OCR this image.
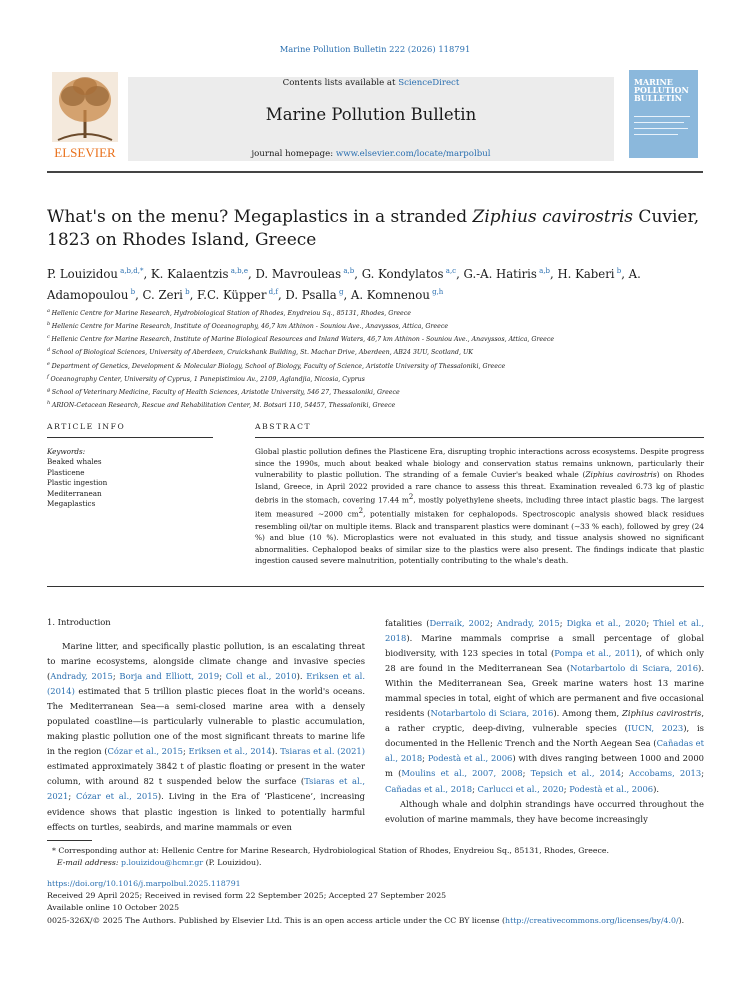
Marine Pollution Bulletin 222 (2026) 118791
Contents lists available at ScienceDirect
Marine Pollution Bulletin
journal homepage: www.elsevier.com/locate/marpolbul
ELSEVIER
MARINE POLLUTION BULLETIN
What's on the menu? Megaplastics in a stranded Ziphius cavirostris Cuvier, 1823 on Rhodes Island, Greece
P. Louizidou $^{a,b,d,*}$, K. Kalaentzis $^{a,b,e}$, D. Mavrouleas $^{a,b}$, G. Kondylatos $^{a,c}$, G.-A. Hatiris $^{a,b}$, H. Kaberi $^b$, A. Adamopoulou $^b$, C. Zeri $^b$, F.C. Küpper $^{d,f}$, D. Psalla $^g$, A. Komnenou $^{g,h}$
$^a$ Hellenic Centre for Marine Research, Hydrobiological Station of Rhodes, Enydreiou Sq., 85131, Rhodes, Greece
$^b$ Hellenic Centre for Marine Research, Institute of Oceanography, 46,7 km Athinon - Souniou Ave., Anavyssos, Attica, Greece
$^c$ Hellenic Centre for Marine Research, Institute of Marine Biological Resources and Inland Waters, 46,7 km Athinon - Souniou Ave., Anavyssos, Attica, Greece
$^d$ School of Biological Sciences, University of Aberdeen, Cruickshank Building, St. Machar Drive, Aberdeen, AB24 3UU, Scotland, UK
$^e$ Department of Genetics, Development & Molecular Biology, School of Biology, Faculty of Science, Aristotle University of Thessaloniki, Greece
$^f$ Oceanography Center, University of Cyprus, 1 Panepistimiou Av., 2109, Aglandjia, Nicosia, Cyprus
$^g$ School of Veterinary Medicine, Faculty of Health Sciences, Aristotle University, 546 27, Thessaloniki, Greece
$^h$ ARION-Cetacean Research, Rescue and Rehabilitation Center, M. Botsari 110, 54457, Thessaloniki, Greece
ARTICLE INFO	ABSTRACT
Keywords:
Beaked whales
Plasticene
Plastic ingestion
Mediterranean
Megaplastics
Global plastic pollution defines the Plasticene Era, disrupting trophic interactions across ecosystems. Despite progress since the 1990s, much about beaked whale biology and conservation status remains unknown, particularly their vulnerability to plastic pollution. The stranding of a female Cuvier's beaked whale (Ziphius cavirostris) on Rhodes Island, Greece, in April 2022 provided a rare chance to assess this threat. Examination revealed 6.73 kg of plastic debris in the stomach, covering 17.44 $m^2$, mostly polyethylene sheets, including three intact plastic bags. The largest item measured ∼2000 $cm^2$, potentially mistaken for cephalopods. Spectroscopic analysis showed black residues resembling oil/tar on multiple items. Black and transparent plastics were dominant (∼33 % each), followed by grey (24 %) and blue (10 %). Microplastics were not evaluated in this study, and tissue analysis showed no significant abnormalities. Cephalopod beaks of similar size to the plastics were also present. The findings indicate that plastic ingestion caused severe malnutrition, potentially contributing to the whale's death.
1. Introduction
Marine litter, and specifically plastic pollution, is an escalating threat to marine ecosystems, alongside climate change and invasive species (Andrady, 2015; Borja and Elliott, 2019; Coll et al., 2010). Eriksen et al. (2014) estimated that 5 trillion plastic pieces float in the world's oceans. The Mediterranean Sea—a semi-closed marine area with a densely populated coastline—is particularly vulnerable to plastic accumulation, making plastic pollution one of the most significant threats to marine life in the region (Cózar et al., 2015; Eriksen et al., 2014). Tsiaras et al. (2021) estimated approximately 3842 t of plastic floating or present in the water column, with around 82 t suspended below the surface (Tsiaras et al., 2021; Cózar et al., 2015). Living in the Era of ‘Plasticene’, increasing evidence shows that plastic ingestion is linked to potentially harmful effects on turtles, seabirds, and marine mammals or even
fatalities (Derraik, 2002; Andrady, 2015; Digka et al., 2020; Thiel et al., 2018). Marine mammals comprise a small percentage of global biodiversity, with 123 species in total (Pompa et al., 2011), of which only 28 are found in the Mediterranean Sea (Notarbartolo di Sciara, 2016). Within the Mediterranean Sea, Greek marine waters host 13 marine mammal species in total, eight of which are permanent and five occasional residents (Notarbartolo di Sciara, 2016). Among them, Ziphius cavirostris, a rather cryptic, deep-diving, vulnerable species (IUCN, 2023), is documented in the Hellenic Trench and the North Aegean Sea (Cañadas et al., 2018; Podestà et al., 2006) with dives ranging between 1000 and 2000 m (Moulins et al., 2007, 2008; Tepsich et al., 2014; Accobams, 2013; Cañadas et al., 2018; Carlucci et al., 2020; Podestà et al., 2006).
Although whale and dolphin strandings have occurred throughout the evolution of marine mammals, they have become increasingly
* Corresponding author at: Hellenic Centre for Marine Research, Hydrobiological Station of Rhodes, Enydreiou Sq., 85131, Rhodes, Greece.
E-mail address: p.louizidou@hcmr.gr (P. Louizidou).
https://doi.org/10.1016/j.marpolbul.2025.118791
Received 29 April 2025; Received in revised form 22 September 2025; Accepted 27 September 2025
Available online 10 October 2025
0025-326X/© 2025 The Authors. Published by Elsevier Ltd. This is an open access article under the CC BY license (http://creativecommons.org/licenses/by/4.0/).
